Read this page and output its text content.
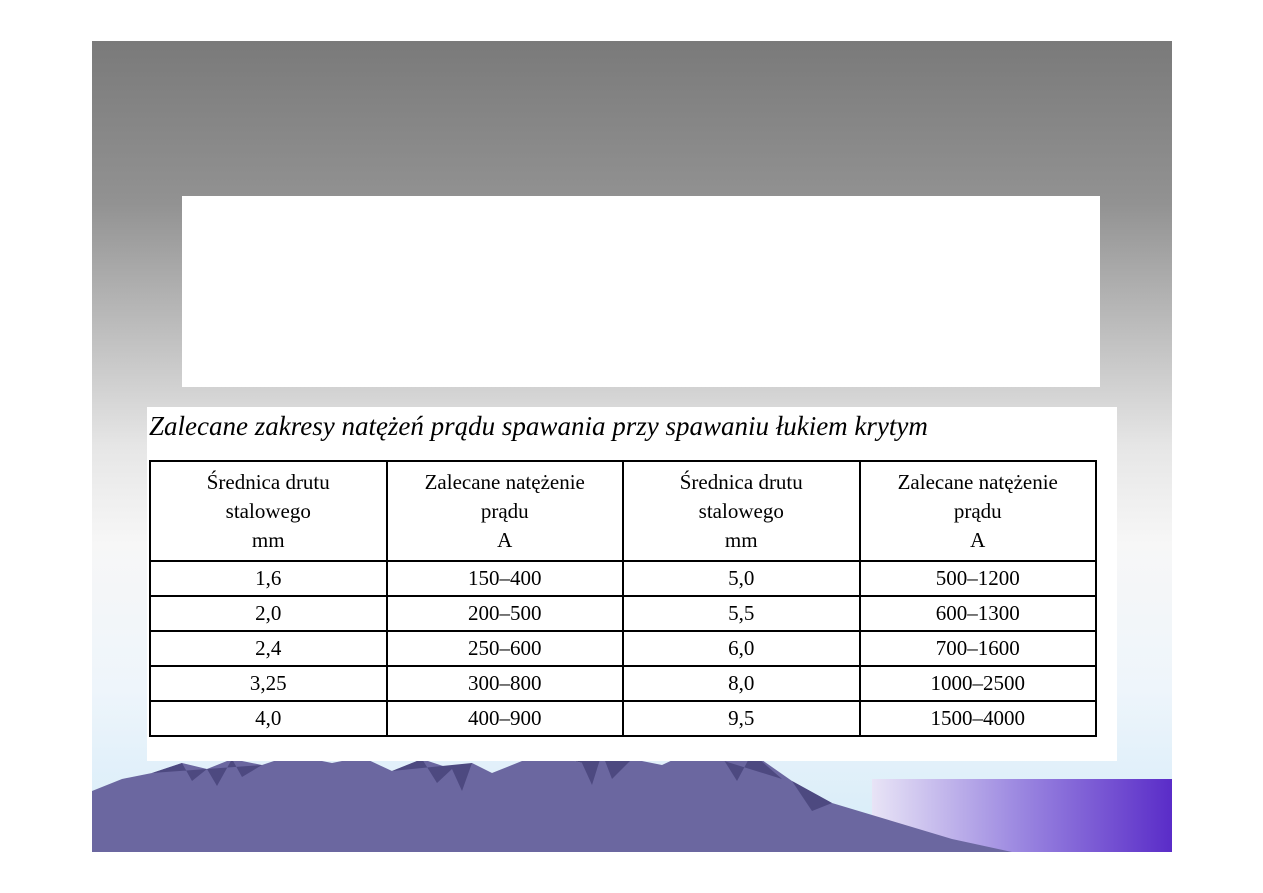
Zalecane zakresy natężeń prądu spawania przy spawaniu łukiem krytym
Średnica drutu
stalowego
mm	Zalecane natężenie
prądu
A	Średnica drutu
stalowego
mm	Zalecane natężenie
prądu
A

1,6	150–400	5,0	500–1200
2,0	200–500	5,5	600–1300
2,4	250–600	6,0	700–1600
3,25	300–800	8,0	1000–2500
4,0	400–900	9,5	1500–4000
